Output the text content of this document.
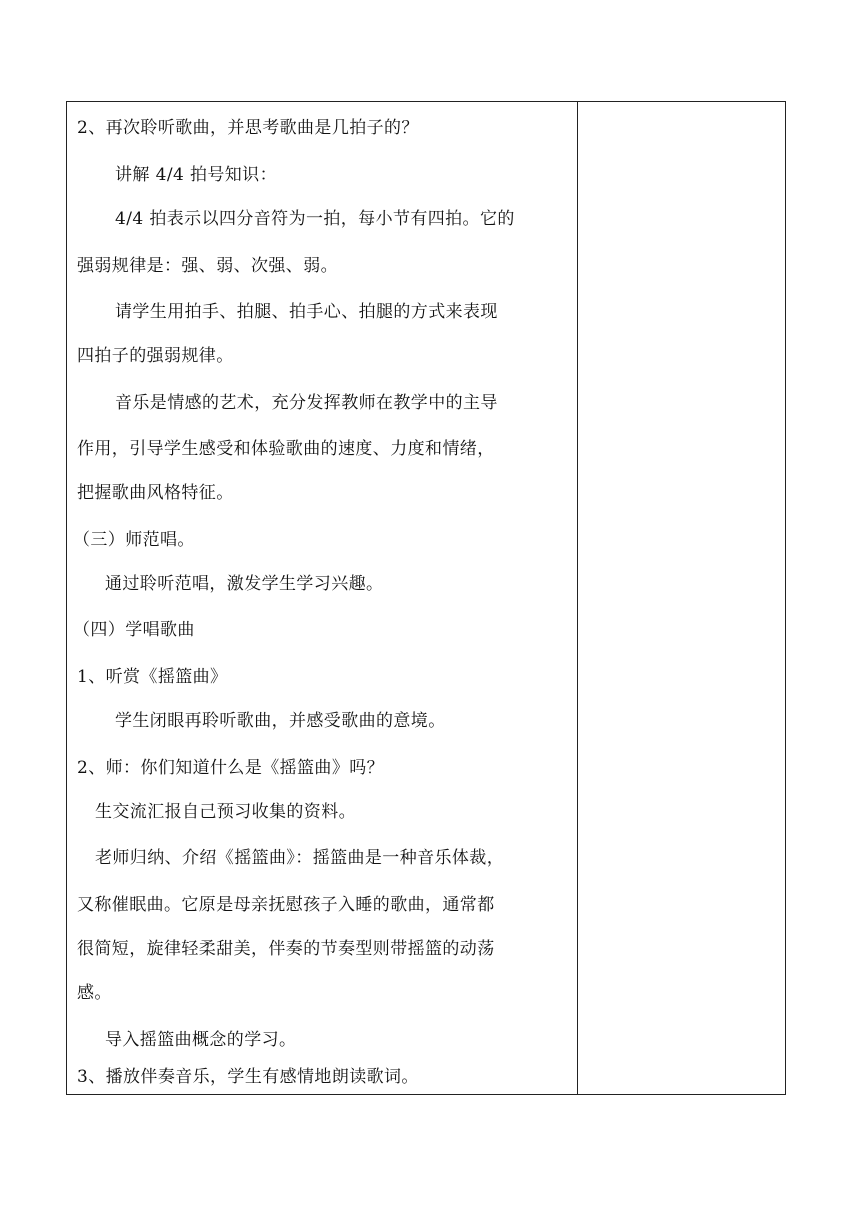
2、再次聆听歌曲，并思考歌曲是几拍子的？
讲解 4/4 拍号知识：
4/4 拍表示以四分音符为一拍，每小节有四拍。它的
强弱规律是：强、弱、次强、弱。
请学生用拍手、拍腿、拍手心、拍腿的方式来表现
四拍子的强弱规律。
音乐是情感的艺术，充分发挥教师在教学中的主导
作用，引导学生感受和体验歌曲的速度、力度和情绪，
把握歌曲风格特征。
（三）师范唱。
通过聆听范唱，激发学生学习兴趣。
（四）学唱歌曲
1、听赏《摇篮曲》
学生闭眼再聆听歌曲，并感受歌曲的意境。
2、师：你们知道什么是《摇篮曲》吗？
生交流汇报自己预习收集的资料。
老师归纳、介绍《摇篮曲》：摇篮曲是一种音乐体裁，
又称催眠曲。它原是母亲抚慰孩子入睡的歌曲，通常都
很简短，旋律轻柔甜美，伴奏的节奏型则带摇篮的动荡
感。
导入摇篮曲概念的学习。
3、播放伴奏音乐，学生有感情地朗读歌词。
